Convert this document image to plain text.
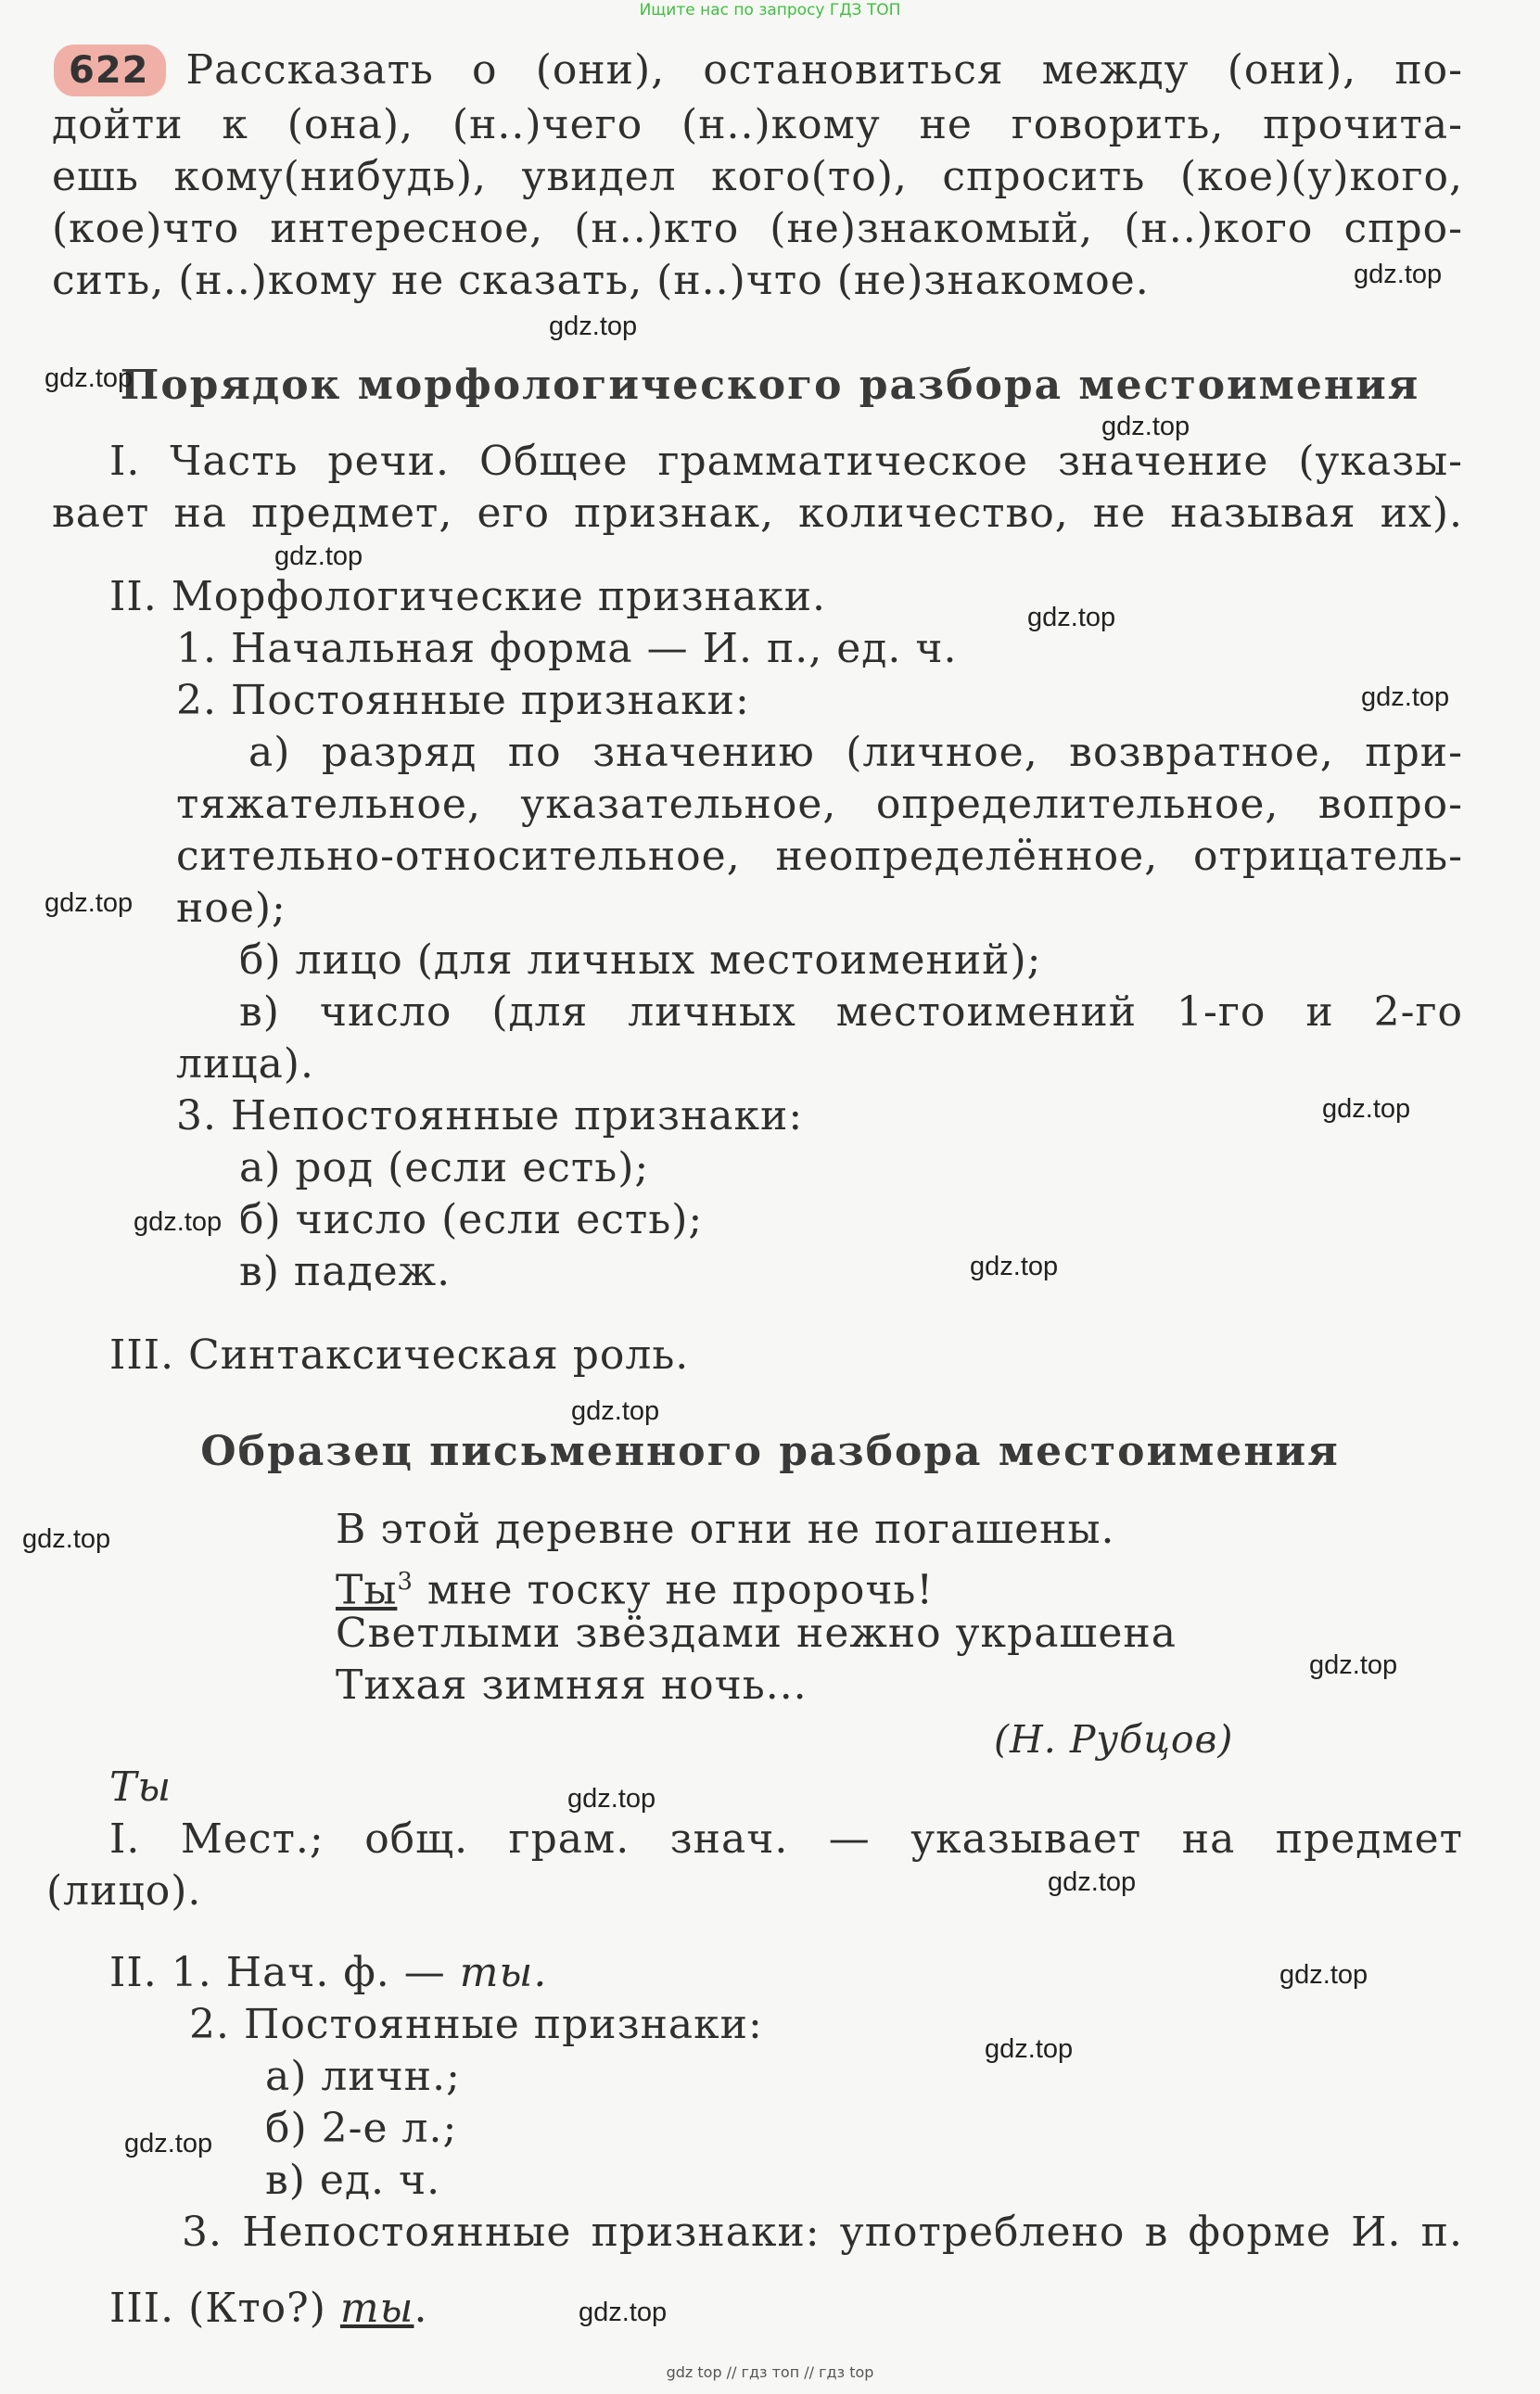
Ищите нас по запросу ГДЗ ТОП
622 Рассказать о (они), остановиться между (они), по-
дойти к (она), (н..)чего (н..)кому не говорить, прочита-
ешь кому(нибудь), увидел кого(то), спросить (кое)(у)кого,
(кое)что интересное, (н..)кто (не)знакомый, (н..)кого спро-
сить, (н..)кому не сказать, (н..)что (не)знакомое.
Порядок морфологического разбора местоимения
I. Часть речи. Общее грамматическое значение (указы-
вает на предмет, его признак, количество, не называя их).
II. Морфологические признаки.
1. Начальная форма — И. п., ед. ч.
2. Постоянные признаки:
а) разряд по значению (личное, возвратное, при-
тяжательное, указательное, определительное, вопро-
сительно-относительное, неопределённое, отрицатель-
ное);
б) лицо (для личных местоимений);
в) число (для личных местоимений 1-го и 2-го
лица).
3. Непостоянные признаки:
а) род (если есть);
б) число (если есть);
в) падеж.
III. Синтаксическая роль.
Образец письменного разбора местоимения
В этой деревне огни не погашены.
$Ты^3$ мне тоску не пророчь!
Светлыми звёздами нежно украшена
Тихая зимняя ночь...
(Н. Рубцов)
Ты
I. Мест.; общ. грам. знач. — указывает на предмет
(лицо).
II. 1. Нач. ф. — ты.
2. Постоянные признаки:
а) личн.;
б) 2-е л.;
в) ед. ч.
3. Непостоянные признаки: употреблено в форме И. п.
III. (Кто?) ты.
gdz.top
gdz.top
gdz.top
gdz.top
gdz.top
gdz.top
gdz.top
gdz.top
gdz.top
gdz.top
gdz.top
gdz.top
gdz.top
gdz.top
gdz.top
gdz.top
gdz.top
gdz.top
gdz.top
gdz.top
gdz top // гдз топ // гдз top
